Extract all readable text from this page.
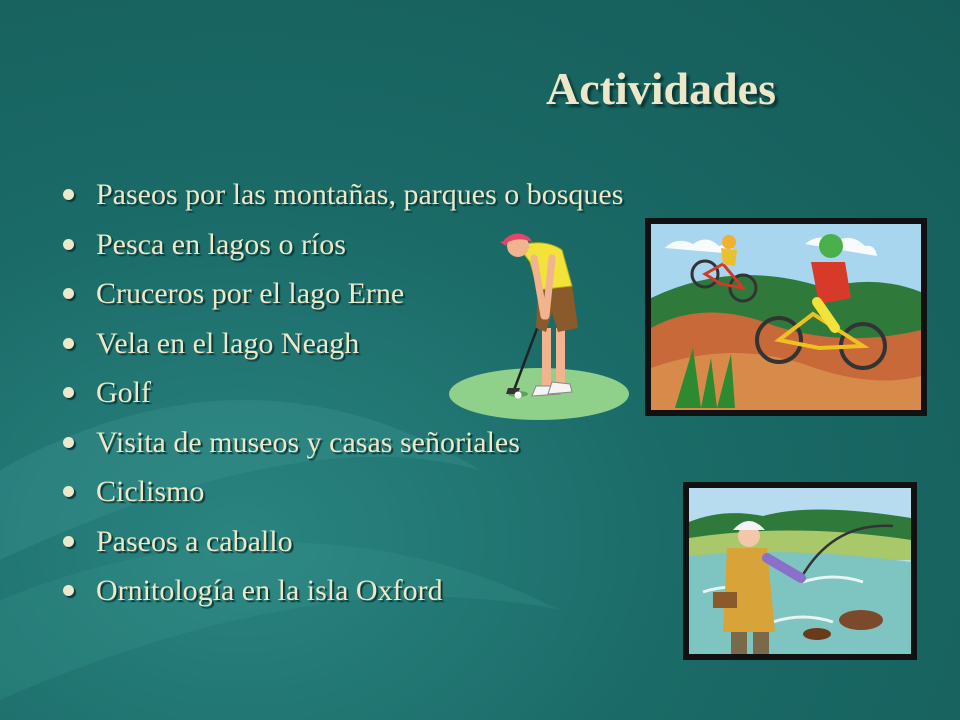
Actividades
Paseos por las montañas, parques o bosques
Pesca en lagos o ríos
Cruceros por el lago Erne
Vela en el lago Neagh
Golf
Visita de museos y casas señoriales
Ciclismo
Paseos a caballo
Ornitología en la isla Oxford
